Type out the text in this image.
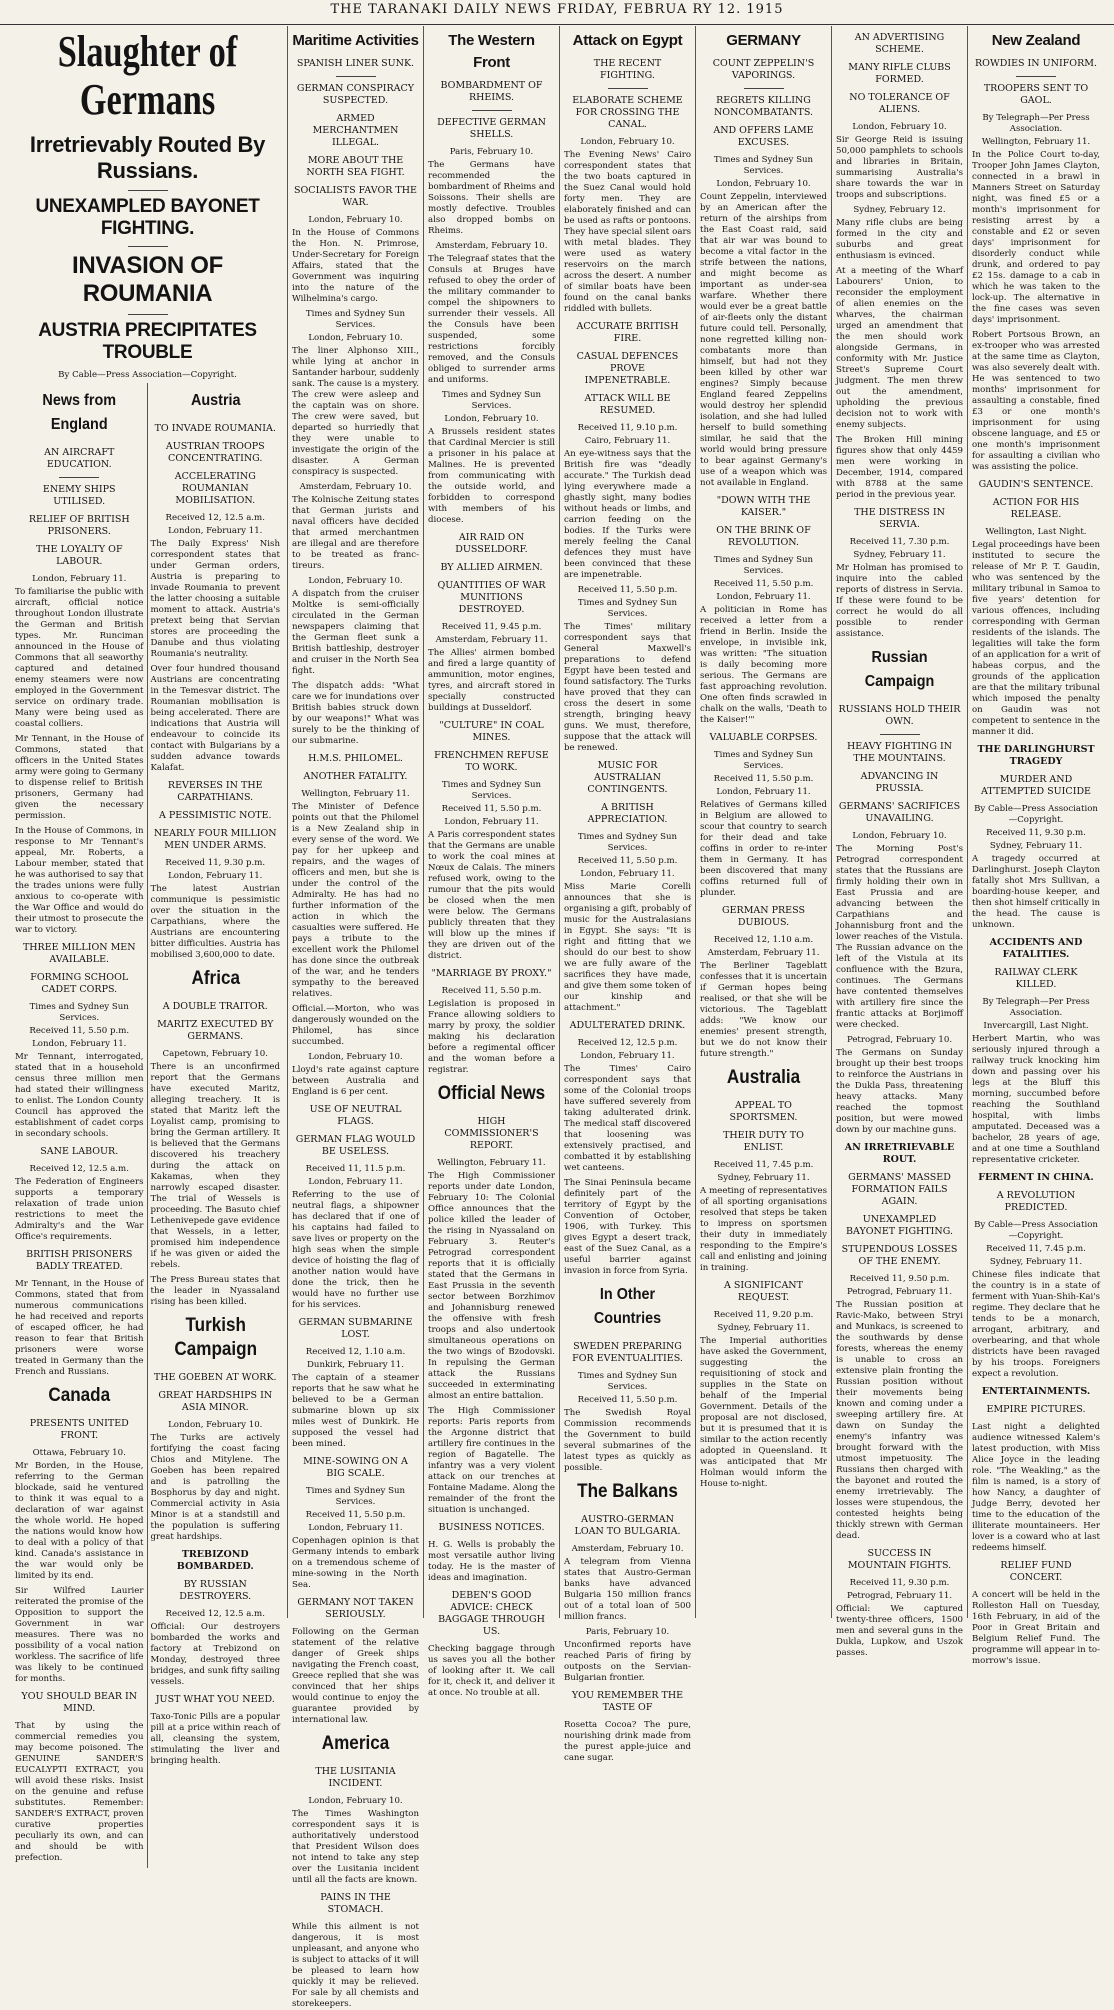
THE TARANAKI DAILY NEWS FRIDAY, FEBRUA RY 12. 1915
Slaughter of Germans
Irretrievably Routed By Russians.
UNEXAMPLED BAYONET FIGHTING.
INVASION OF ROUMANIA
AUSTRIA PRECIPITATES TROUBLE
By Cable—Press Association—Copyright.
News from England
AN AIRCRAFT EDUCATION.
ENEMY SHIPS UTILISED.
RELIEF OF BRITISH PRISONERS.
THE LOYALTY OF LABOUR.
London, February 11.

To familiarise the public with aircraft, official notice throughout London illustrate the German and British types. Mr. Runciman announced in the House of Commons that all seaworthy captured and detained enemy steamers were now employed in the Government service on ordinary trade. Many were being used as coastal colliers.

Mr Tennant, in the House of Commons, stated that officers in the United States army were going to Germany to dispense relief to British prisoners, Germany had given the necessary permission.

In the House of Commons, in response to Mr Tennant's appeal, Mr. Roberts, a Labour member, stated that he was authorised to say that the trades unions were fully anxious to co-operate with the War Office and would do their utmost to prosecute the war to victory.

THREE MILLION MEN AVAILABLE.
FORMING SCHOOL CADET CORPS.
Times and Sydney Sun Services.
Received 11, 5.50 p.m.
London, February 11.

Mr Tennant, interrogated, stated that in a household census three million men had stated their willingness to enlist. The London County Council has approved the establishment of cadet corps in secondary schools.

SANE LABOUR.
Received 12, 12.5 a.m.

The Federation of Engineers supports a temporary relaxation of trade union restrictions to meet the Admiralty's and the War Office's requirements.

BRITISH PRISONERS BADLY TREATED.

Mr Tennant, in the House of Commons, stated that from numerous communications he had received and reports of escaped officer, he had reason to fear that British prisoners were worse treated in Germany than the French and Russians.

Canada
PRESENTS UNITED FRONT.
Ottawa, February 10.

Mr Borden, in the House, referring to the German blockade, said he ventured to think it was equal to a declaration of war against the whole world. He hoped the nations would know how to deal with a policy of that kind. Canada's assistance in the war would only be limited by its end.

Sir Wilfred Laurier reiterated the promise of the Opposition to support the Government in war measures. There was no possibility of a vocal nation workless. The sacrifice of life was likely to be continued for months.

YOU SHOULD BEAR IN MIND.

That by using the commercial remedies you may become poisoned. The GENUINE SANDER'S EUCALYPTI EXTRACT, you will avoid these risks. Insist on the genuine and refuse substitutes. Remember: SANDER'S EXTRACT, proven curative properties peculiarly its own, and can and should be with prefection.

Austria
TO INVADE ROUMANIA.
AUSTRIAN TROOPS CONCENTRATING.
ACCELERATING ROUMANIAN MOBILISATION.
Received 12, 12.5 a.m.
London, February 11.

The Daily Express' Nish correspondent states that under German orders, Austria is preparing to invade Roumania to prevent the latter choosing a suitable moment to attack. Austria's pretext being that Servian stores are proceeding the Danube and thus violating Roumania's neutrality.

Over four hundred thousand Austrians are concentrating in the Temesvar district. The Roumanian mobilisation is being accelerated. There are indications that Austria will endeavour to coincide its contact with Bulgarians by a sudden advance towards Kalafat.

REVERSES IN THE CARPATHIANS.
A PESSIMISTIC NOTE.
NEARLY FOUR MILLION MEN UNDER ARMS.
Received 11, 9.30 p.m.
London, February 11.

The latest Austrian communique is pessimistic over the situation in the Carpathians, where the Austrians are encountering bitter difficulties. Austria has mobilised 3,600,000 to date.

Africa
A DOUBLE TRAITOR.
MARITZ EXECUTED BY GERMANS.
Capetown, February 10.

There is an unconfirmed report that the Germans have executed Maritz, alleging treachery. It is stated that Maritz left the Loyalist camp, promising to bring the German artillery. It is believed that the Germans discovered his treachery during the attack on Kakamas, when they narrowly escaped disaster. The trial of Wessels is proceeding. The Basuto chief Lethenivepede gave evidence that Wessels, in a letter, promised him independence if he was given or aided the rebels.

The Press Bureau states that the leader in Nyassaland rising has been killed.

Turkish Campaign
THE GOEBEN AT WORK.
GREAT HARDSHIPS IN ASIA MINOR.
London, February 10.

The Turks are actively fortifying the coast facing Chios and Mitylene. The Goeben has been repaired and is patrolling the Bosphorus by day and night. Commercial activity in Asia Minor is at a standstill and the population is suffering great hardships.

TREBIZOND BOMBARDED.
BY RUSSIAN DESTROYERS.
Received 12, 12.5 a.m.

Official: Our destroyers bombarded the works and factory at Trebizond on Monday, destroyed three bridges, and sunk fifty sailing vessels.

JUST WHAT YOU NEED.

Taxo-Tonic Pills are a popular pill at a price within reach of all, cleansing the system, stimulating the liver and bringing health.

Maritime Activities
SPANISH LINER SUNK.
GERMAN CONSPIRACY SUSPECTED.
ARMED MERCHANTMEN ILLEGAL.
MORE ABOUT THE NORTH SEA FIGHT.
SOCIALISTS FAVOR THE WAR.
London, February 10.

In the House of Commons the Hon. N. Primrose, Under-Secretary for Foreign Affairs, stated that the Government was inquiring into the nature of the Wilhelmina's cargo.

Times and Sydney Sun Services.
London, February 10.

The liner Alphonso XIII., while lying at anchor in Santander harbour, suddenly sank. The cause is a mystery. The crew were asleep and the captain was on shore. The crew were saved, but departed so hurriedly that they were unable to investigate the origin of the disaster. A German conspiracy is suspected.

Amsterdam, February 10.

The Kolnische Zeitung states that German jurists and naval officers have decided that armed merchantmen are illegal and are therefore to be treated as franc-tireurs.

London, February 10.

A dispatch from the cruiser Moltke is semi-officially circulated in the German newspapers claiming that the German fleet sunk a British battleship, destroyer and cruiser in the North Sea fight.

The dispatch adds: "What care we for inundations over British babies struck down by our weapons!" What was surely to be the thinking of our submarine.

H.M.S. PHILOMEL.
ANOTHER FATALITY.
Wellington, February 11.

The Minister of Defence points out that the Philomel is a New Zealand ship in every sense of the word. We pay for her upkeep and repairs, and the wages of officers and men, but she is under the control of the Admiralty. He has had no further information of the action in which the casualties were suffered. He pays a tribute to the excellent work the Philomel has done since the outbreak of the war, and he tenders sympathy to the bereaved relatives.

Official.—Morton, who was dangerously wounded on the Philomel, has since succumbed.

London, February 10.

Lloyd's rate against capture between Australia and England is 6 per cent.

USE OF NEUTRAL FLAGS.
GERMAN FLAG WOULD BE USELESS.
Received 11, 11.5 p.m.
London, February 11.

Referring to the use of neutral flags, a shipowner has declared that if one of his captains had failed to save lives or property on the high seas when the simple device of hoisting the flag of another nation would have done the trick, then he would have no further use for his services.

GERMAN SUBMARINE LOST.
Received 12, 1.10 a.m.
Dunkirk, February 11.

The captain of a steamer reports that he saw what he believed to be a German submarine blown up six miles west of Dunkirk. He supposed the vessel had been mined.

MINE-SOWING ON A BIG SCALE.
Times and Sydney Sun Services.
Received 11, 5.50 p.m.
London, February 11.

Copenhagen opinion is that Germany intends to embark on a tremendous scheme of mine-sowing in the North Sea.

GERMANY NOT TAKEN SERIOUSLY.

Following on the German statement of the relative danger of Greek ships navigating the French coast, Greece replied that she was convinced that her ships would continue to enjoy the guarantee provided by international law.

America
THE LUSITANIA INCIDENT.
London, February 10.

The Times Washington correspondent says it is authoritatively understood that President Wilson does not intend to take any step over the Lusitania incident until all the facts are known.

PAINS IN THE STOMACH.

While this ailment is not dangerous, it is most unpleasant, and anyone who is subject to attacks of it will be pleased to learn how quickly it may be relieved. For sale by all chemists and storekeepers.

The Western Front
BOMBARDMENT OF RHEIMS.
DEFECTIVE GERMAN SHELLS.
Paris, February 10.

The Germans have recommended the bombardment of Rheims and Soissons. Their shells are mostly defective. Troubles also dropped bombs on Rheims.

Amsterdam, February 10.

The Telegraaf states that the Consuls at Bruges have refused to obey the order of the military commander to compel the shipowners to surrender their vessels. All the Consuls have been suspended, some restrictions forcibly removed, and the Consuls obliged to surrender arms and uniforms.

Times and Sydney Sun Services.
London, February 10.

A Brussels resident states that Cardinal Mercier is still a prisoner in his palace at Malines. He is prevented from communicating with the outside world, and forbidden to correspond with members of his diocese.

AIR RAID ON DUSSELDORF.
BY ALLIED AIRMEN.
QUANTITIES OF WAR MUNITIONS DESTROYED.
Received 11, 9.45 p.m.
Amsterdam, February 11.

The Allies' airmen bombed and fired a large quantity of ammunition, motor engines, tyres, and aircraft stored in specially constructed buildings at Dusseldorf.

"CULTURE" IN COAL MINES.
FRENCHMEN REFUSE TO WORK.
Times and Sydney Sun Services.
Received 11, 5.50 p.m.
London, February 11.

A Paris correspondent states that the Germans are unable to work the coal mines at Nœux de Calais. The miners refused work, owing to the rumour that the pits would be closed when the men were below. The Germans publicly threaten that they will blow up the mines if they are driven out of the district.

"MARRIAGE BY PROXY."
Received 11, 5.50 p.m.

Legislation is proposed in France allowing soldiers to marry by proxy, the soldier making his declaration before a regimental officer and the woman before a registrar.

Official News
HIGH COMMISSIONER'S REPORT.
Wellington, February 11.

The High Commissioner reports under date London, February 10: The Colonial Office announces that the police killed the leader of the rising in Nyassaland on February 3. Reuter's Petrograd correspondent reports that it is officially stated that the Germans in East Prussia in the seventh sector between Borzhimov and Johannisburg renewed the offensive with fresh troops and also undertook simultaneous operations on the two wings of Bzodovski. In repulsing the German attack the Russians succeeded in exterminating almost an entire battalion.

The High Commissioner reports: Paris reports from the Argonne district that artillery fire continues in the region of Bagatelle. The infantry was a very violent attack on our trenches at Fontaine Madame. Along the remainder of the front the situation is unchanged.

BUSINESS NOTICES.

H. G. Wells is probably the most versatile author living today. He is the master of ideas and imagination.

DEBEN'S GOOD ADVICE: CHECK BAGGAGE THROUGH US.

Checking baggage through us saves you all the bother of looking after it. We call for it, check it, and deliver it at once. No trouble at all.

Attack on Egypt
THE RECENT FIGHTING.
ELABORATE SCHEME FOR CROSSING THE CANAL.
London, February 10.

The Evening News' Cairo correspondent states that the two boats captured in the Suez Canal would hold forty men. They are elaborately finished and can be used as rafts or pontoons. They have special silent oars with metal blades. They were used as watery reservoirs on the march across the desert. A number of similar boats have been found on the canal banks riddled with bullets.

ACCURATE BRITISH FIRE.
CASUAL DEFENCES PROVE IMPENETRABLE.
ATTACK WILL BE RESUMED.
Received 11, 9.10 p.m.
Cairo, February 11.

An eye-witness says that the British fire was "deadly accurate." The Turkish dead lying everywhere made a ghastly sight, many bodies without heads or limbs, and carrion feeding on the bodies. If the Turks were merely feeling the Canal defences they must have been convinced that these are impenetrable.

Received 11, 5.50 p.m.
Times and Sydney Sun Services.

The Times' military correspondent says that General Maxwell's preparations to defend Egypt have been tested and found satisfactory. The Turks have proved that they can cross the desert in some strength, bringing heavy guns. We must, therefore, suppose that the attack will be renewed.

MUSIC FOR AUSTRALIAN CONTINGENTS.
A BRITISH APPRECIATION.
Times and Sydney Sun Services.
Received 11, 5.50 p.m.
London, February 11.

Miss Marie Corelli announces that she is organising a gift, probably of music for the Australasians in Egypt. She says: "It is right and fitting that we should do our best to show we are fully aware of the sacrifices they have made, and give them some token of our kinship and attachment."

ADULTERATED DRINK.
Received 12, 12.5 p.m.
London, February 11.

The Times' Cairo correspondent says that some of the Colonial troops have suffered severely from taking adulterated drink. The medical staff discovered that loosening was extensively practised, and combatted it by establishing wet canteens.

The Sinai Peninsula became definitely part of the territory of Egypt by the Convention of October, 1906, with Turkey. This gives Egypt a desert track, east of the Suez Canal, as a useful barrier against invasion in force from Syria.

In Other Countries
SWEDEN PREPARING FOR EVENTUALITIES.
Times and Sydney Sun Services.
Received 11, 5.50 p.m.

The Swedish Royal Commission recommends the Government to build several submarines of the latest types as quickly as possible.

The Balkans
AUSTRO-GERMAN LOAN TO BULGARIA.
Amsterdam, February 10.

A telegram from Vienna states that Austro-German banks have advanced Bulgaria 150 million francs out of a total loan of 500 million francs.

Paris, February 10.

Unconfirmed reports have reached Paris of firing by outposts on the Servian-Bulgarian frontier.

YOU REMEMBER THE TASTE OF

Rosetta Cocoa? The pure, nourishing drink made from the purest apple-juice and cane sugar.

GERMANY
COUNT ZEPPELIN'S VAPORINGS.
REGRETS KILLING NONCOMBATANTS.
AND OFFERS LAME EXCUSES.
Times and Sydney Sun Services.
London, February 10.

Count Zeppelin, interviewed by an American after the return of the airships from the East Coast raid, said that air war was bound to become a vital factor in the strife between the nations, and might become as important as under-sea warfare. Whether there would ever be a great battle of air-fleets only the distant future could tell. Personally, none regretted killing non-combatants more than himself, but had not they been killed by other war engines? Simply because England feared Zeppelins would destroy her splendid isolation, and she had lulled herself to build something similar, he said that the world would bring pressure to bear against Germany's use of a weapon which was not available in England.

"DOWN WITH THE KAISER."
ON THE BRINK OF REVOLUTION.
Times and Sydney Sun Services.
Received 11, 5.50 p.m.
London, February 11.

A politician in Rome has received a letter from a friend in Berlin. Inside the envelope, in invisible ink, was written: "The situation is daily becoming more serious. The Germans are fast approaching revolution. One often finds scrawled in chalk on the walls, 'Death to the Kaiser!'"

VALUABLE CORPSES.
Times and Sydney Sun Services.
Received 11, 5.50 p.m.
London, February 11.

Relatives of Germans killed in Belgium are allowed to scour that country to search for their dead and take coffins in order to re-inter them in Germany. It has been discovered that many coffins returned full of plunder.

GERMAN PRESS DUBIOUS.
Received 12, 1.10 a.m.
Amsterdam, February 11.

The Berliner Tageblatt confesses that it is uncertain if German hopes being realised, or that she will be victorious. The Tageblatt adds: "We know our enemies' present strength, but we do not know their future strength."

Australia
APPEAL TO SPORTSMEN.
THEIR DUTY TO ENLIST.
Received 11, 7.45 p.m.
Sydney, February 11.

A meeting of representatives of all sporting organisations resolved that steps be taken to impress on sportsmen their duty in immediately responding to the Empire's call and enlisting and joining in training.

A SIGNIFICANT REQUEST.
Received 11, 9.20 p.m.
Sydney, February 11.

The Imperial authorities have asked the Government, suggesting the requisitioning of stock and supplies in the State on behalf of the Imperial Government. Details of the proposal are not disclosed, but it is presumed that it is similar to the action recently adopted in Queensland. It was anticipated that Mr Holman would inform the House to-night.

AN ADVERTISING SCHEME.
MANY RIFLE CLUBS FORMED.
NO TOLERANCE OF ALIENS.
London, February 10.

Sir George Reid is issuing 50,000 pamphlets to schools and libraries in Britain, summarising Australia's share towards the war in troops and subscriptions.

Sydney, February 12.

Many rifle clubs are being formed in the city and suburbs and great enthusiasm is evinced.

At a meeting of the Wharf Labourers' Union, to reconsider the employment of alien enemies on the wharves, the chairman urged an amendment that the men should work alongside Germans, in conformity with Mr. Justice Street's Supreme Court judgment. The men threw out the amendment, upholding the previous decision not to work with enemy subjects.

The Broken Hill mining figures show that only 4459 men were working in December, 1914, compared with 8788 at the same period in the previous year.

THE DISTRESS IN SERVIA.
Received 11, 7.30 p.m.
Sydney, February 11.

Mr Holman has promised to inquire into the cabled reports of distress in Servia. If these were found to be correct he would do all possible to render assistance.

Russian Campaign
RUSSIANS HOLD THEIR OWN.
HEAVY FIGHTING IN THE MOUNTAINS.
ADVANCING IN PRUSSIA.
GERMANS' SACRIFICES UNAVAILING.
London, February 10.

The Morning Post's Petrograd correspondent states that the Russians are firmly holding their own in East Prussia and are advancing between the Carpathians and Johannisburg front and the lower reaches of the Vistula. The Russian advance on the left of the Vistula at its confluence with the Bzura, continues. The Germans have contented themselves with artillery fire since the frantic attacks at Borjimoff were checked.

Petrograd, February 10.

The Germans on Sunday brought up their best troops to reinforce the Austrians in the Dukla Pass, threatening heavy attacks. Many reached the topmost position, but were mowed down by our machine guns.

AN IRRETRIEVABLE ROUT.
GERMANS' MASSED FORMATION FAILS AGAIN.
UNEXAMPLED BAYONET FIGHTING.
STUPENDOUS LOSSES OF THE ENEMY.
Received 11, 9.50 p.m.
Petrograd, February 11.

The Russian position at Ravic-Mako, between Stryi and Munkacs, is screened to the southwards by dense forests, whereas the enemy is unable to cross an extensive plain fronting the Russian position without their movements being known and coming under a sweeping artillery fire. At dawn on Sunday the enemy's infantry was brought forward with the utmost impetuosity. The Russians then charged with the bayonet and routed the enemy irretrievably. The losses were stupendous, the contested heights being thickly strewn with German dead.

SUCCESS IN MOUNTAIN FIGHTS.
Received 11, 9.30 p.m.
Petrograd, February 11.

Official: We captured twenty-three officers, 1500 men and several guns in the Dukla, Lupkow, and Uszok passes.

New Zealand
ROWDIES IN UNIFORM.
TROOPERS SENT TO GAOL.
By Telegraph—Per Press Association.
Wellington, February 11.

In the Police Court to-day, Trooper John James Clayton, connected in a brawl in Manners Street on Saturday night, was fined £5 or a month's imprisonment for resisting arrest by a constable and £2 or seven days' imprisonment for disorderly conduct while drunk, and ordered to pay £2 15s. damage to a cab in which he was taken to the lock-up. The alternative in the fine cases was seven days' imprisonment.

Robert Portsous Brown, an ex-trooper who was arrested at the same time as Clayton, was also severely dealt with. He was sentenced to two months' imprisonment for assaulting a constable, fined £3 or one month's imprisonment for using obscene language, and £5 or one month's imprisonment for assaulting a civilian who was assisting the police.

GAUDIN'S SENTENCE.
ACTION FOR HIS RELEASE.
Wellington, Last Night.

Legal proceedings have been instituted to secure the release of Mr P. T. Gaudin, who was sentenced by the military tribunal in Samoa to five years' detention for various offences, including corresponding with German residents of the islands. The legalities will take the form of an application for a writ of habeas corpus, and the grounds of the application are that the military tribunal which imposed the penalty on Gaudin was not competent to sentence in the manner it did.

THE DARLINGHURST TRAGEDY
MURDER AND ATTEMPTED SUICIDE
By Cable—Press Association—Copyright.
Received 11, 9.30 p.m.
Sydney, February 11.

A tragedy occurred at Darlinghurst. Joseph Clayton fatally shot Mrs Sullivan, a boarding-house keeper, and then shot himself critically in the head. The cause is unknown.

ACCIDENTS AND FATALITIES.
RAILWAY CLERK KILLED.
By Telegraph—Per Press Association.
Invercargill, Last Night.

Herbert Martin, who was seriously injured through a railway truck knocking him down and passing over his legs at the Bluff this morning, succumbed before reaching the Southland hospital, with limbs amputated. Deceased was a bachelor, 28 years of age, and at one time a Southland representative cricketer.

FERMENT IN CHINA.
A REVOLUTION PREDICTED.
By Cable—Press Association—Copyright.
Received 11, 7.45 p.m.
Sydney, February 11.

Chinese files indicate that the country is in a state of ferment with Yuan-Shih-Kai's regime. They declare that he tends to be a monarch, arrogant, arbitrary, and overbearing, and that whole districts have been ravaged by his troops. Foreigners expect a revolution.

ENTERTAINMENTS.
EMPIRE PICTURES.

Last night a delighted audience witnessed Kalem's latest production, with Miss Alice Joyce in the leading role. "The Weakling," as the film is named, is a story of how Nancy, a daughter of Judge Berry, devoted her time to the education of the illiterate mountaineers. Her lover is a coward who at last redeems himself.

RELIEF FUND CONCERT.

A concert will be held in the Rolleston Hall on Tuesday, 16th February, in aid of the Poor in Great Britain and Belgium Relief Fund. The programme will appear in to-morrow's issue.
